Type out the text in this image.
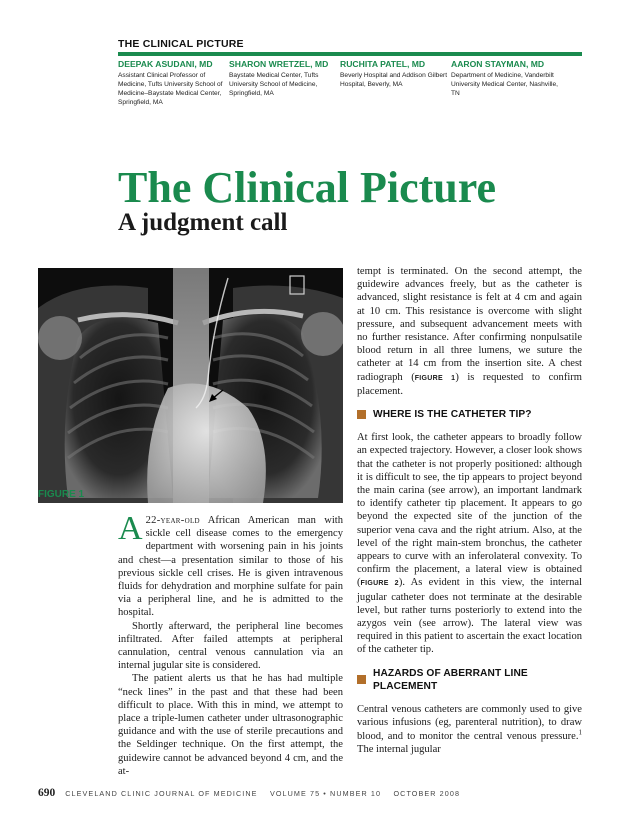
THE CLINICAL PICTURE
DEEPAK ASUDANI, MD
Assistant Clinical Professor of Medicine, Tufts University School of Medicine–Baystate Medical Center, Springfield, MA
SHARON WRETZEL, MD
Baystate Medical Center, Tufts University School of Medicine, Springfield, MA
RUCHITA PATEL, MD
Beverly Hospital and Addison Gilbert Hospital, Beverly, MA
AARON STAYMAN, MD
Department of Medicine, Vanderbilt University Medical Center, Nashville, TN
The Clinical Picture
A judgment call
FIGURE 1

A 22-year-old African American man with sickle cell disease comes to the emergency department with worsening pain in his joints and chest—a presentation similar to those of his previous sickle cell crises. He is given intravenous fluids for dehydration and morphine sulfate for pain via a peripheral line, and he is admitted to the hospital.

Shortly afterward, the peripheral line becomes infiltrated. After failed attempts at peripheral cannulation, central venous cannulation via an internal jugular site is considered.

The patient alerts us that he has had multiple “neck lines” in the past and that these had been difficult to place. With this in mind, we attempt to place a triple-lumen catheter under ultrasonographic guidance and with the use of sterile precautions and the Seldinger technique. On the first attempt, the guidewire cannot be advanced beyond 4 cm, and the at-

tempt is terminated. On the second attempt, the guidewire advances freely, but as the catheter is advanced, slight resistance is felt at 4 cm and again at 10 cm. This resistance is overcome with slight pressure, and subsequent advancement meets with no further resistance. After confirming nonpulsatile blood return in all three lumens, we suture the catheter at 14 cm from the insertion site. A chest radiograph (FIGURE 1) is requested to confirm placement.

WHERE IS THE CATHETER TIP?

At first look, the catheter appears to broadly follow an expected trajectory. However, a closer look shows that the catheter is not properly positioned: although it is difficult to see, the tip appears to project beyond the main carina (see arrow), an important landmark to identify catheter tip placement. It appears to go beyond the expected site of the junction of the superior vena cava and the right atrium. Also, at the level of the right main-stem bronchus, the catheter appears to curve with an inferolateral convexity. To confirm the placement, a lateral view is obtained (FIGURE 2). As evident in this view, the internal jugular catheter does not terminate at the desirable level, but rather turns posteriorly to extend into the azygos vein (see arrow). The lateral view was required in this patient to ascertain the exact location of the catheter tip.

HAZARDS OF ABERRANT LINE PLACEMENT

Central venous catheters are commonly used to give various infusions (eg, parenteral nutrition), to draw blood, and to monitor the central venous pressure.$^1$ The internal jugular

690 CLEVELAND CLINIC JOURNAL OF MEDICINE VOLUME 75 • NUMBER 10 OCTOBER 2008
